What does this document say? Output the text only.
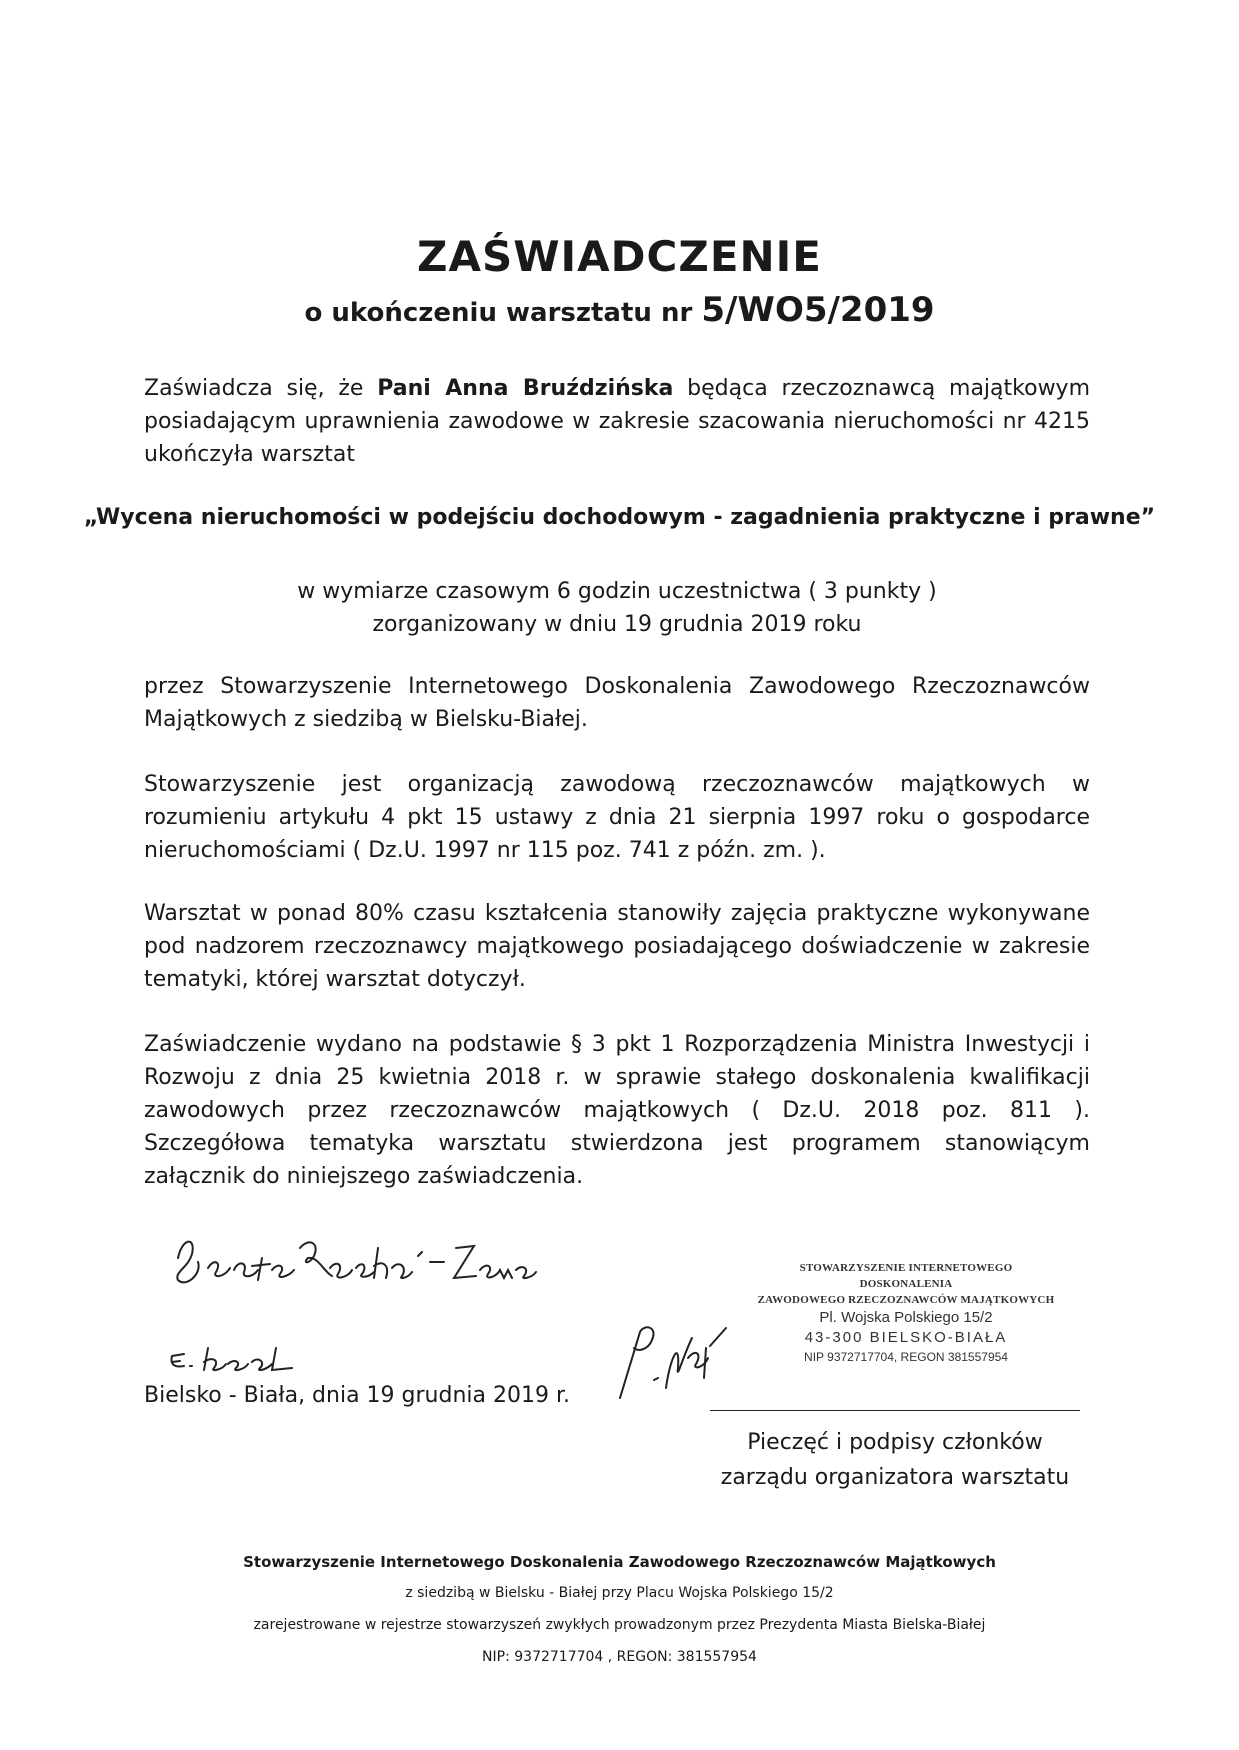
ZAŚWIADCZENIE

o ukończeniu warsztatu nr 5/WO5/2019

Zaświadcza się, że Pani Anna Bruździńska będąca rzeczoznawcą majątkowym posiadającym uprawnienia zawodowe w zakresie szacowania nieruchomości nr 4215 ukończyła warsztat

„Wycena nieruchomości w podejściu dochodowym - zagadnienia praktyczne i prawne”

w wymiarze czasowym 6 godzin uczestnictwa ( 3 punkty )
zorganizowany w dniu 19 grudnia 2019 roku

przez Stowarzyszenie Internetowego Doskonalenia Zawodowego Rzeczoznawców Majątkowych z siedzibą w Bielsku-Białej.

Stowarzyszenie jest organizacją zawodową rzeczoznawców majątkowych w rozumieniu artykułu 4 pkt 15 ustawy z dnia 21 sierpnia 1997 roku o gospodarce nieruchomościami ( Dz.U. 1997 nr 115 poz. 741 z późn. zm. ).

Warsztat w ponad 80% czasu kształcenia stanowiły zajęcia praktyczne wykonywane pod nadzorem rzeczoznawcy majątkowego posiadającego doświadczenie w zakresie tematyki, której warsztat dotyczył.

Zaświadczenie wydano na podstawie § 3 pkt 1 Rozporządzenia Ministra Inwestycji i Rozwoju z dnia 25 kwietnia 2018 r. w sprawie stałego doskonalenia kwalifikacji zawodowych przez rzeczoznawców majątkowych ( Dz.U. 2018 poz. 811 ). Szczegółowa tematyka warsztatu stwierdzona jest programem stanowiącym załącznik do niniejszego zaświadczenia.

STOWARZYSZENIE INTERNETOWEGO DOSKONALENIA
ZAWODOWEGO RZECZOZNAWCÓW MAJĄTKOWYCH
Pl. Wojska Polskiego 15/2
43-300 BIELSKO-BIAŁA
NIP 9372717704, REGON 381557954

Bielsko - Biała, dnia 19 grudnia 2019 r.

Pieczęć i podpisy członków
zarządu organizatora warsztatu

Stowarzyszenie Internetowego Doskonalenia Zawodowego Rzeczoznawców Majątkowych
z siedzibą w Bielsku - Białej przy Placu Wojska Polskiego 15/2
zarejestrowane w rejestrze stowarzyszeń zwykłych prowadzonym przez Prezydenta Miasta Bielska-Białej
NIP: 9372717704 , REGON: 381557954
